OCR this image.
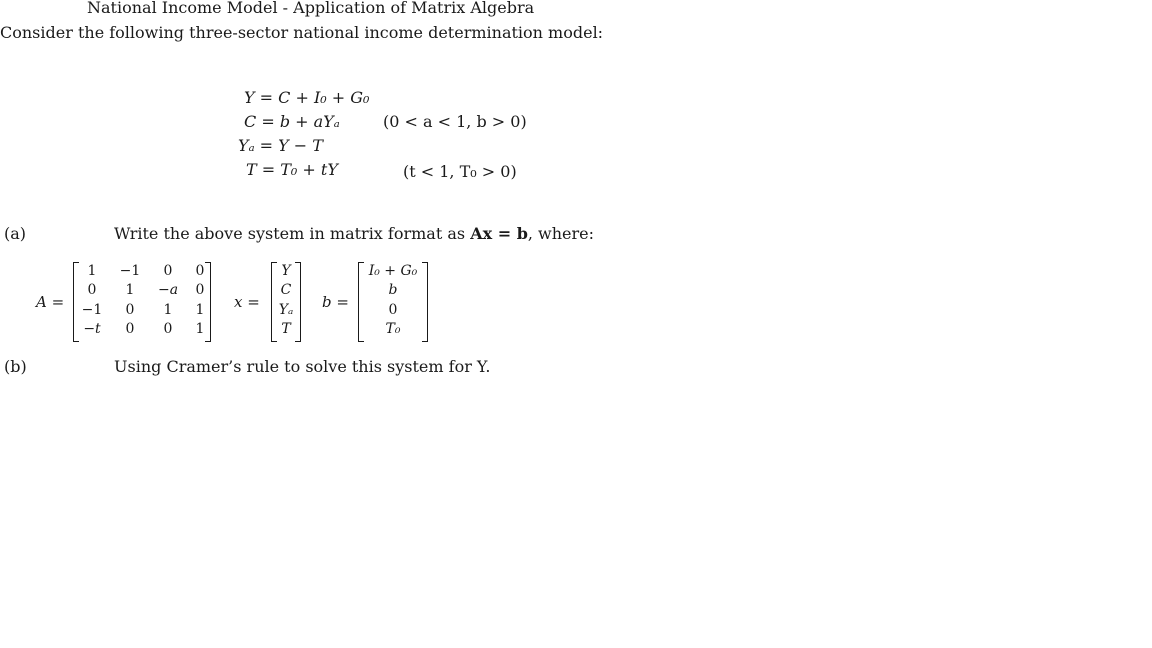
National Income Model - Application of Matrix Algebra
Consider the following three-sector national income determination model:
Y = C + I₀ + G₀
C = b + aYₐ
Yₐ = Y − T
T = T₀ + tY
(0 < a < 1, b > 0)
(t < 1, T₀ > 0)
(a)	Write the above system in matrix format as Ax = b, where:
A =
1 −1 0 0
0 1 −a 0
−1 0 1 1
−t 0 0 1
x =
Y
C
Yₐ
T
b =
I₀ + G₀
b
0
T₀
(b)	Using Cramer’s rule to solve this system for Y.
